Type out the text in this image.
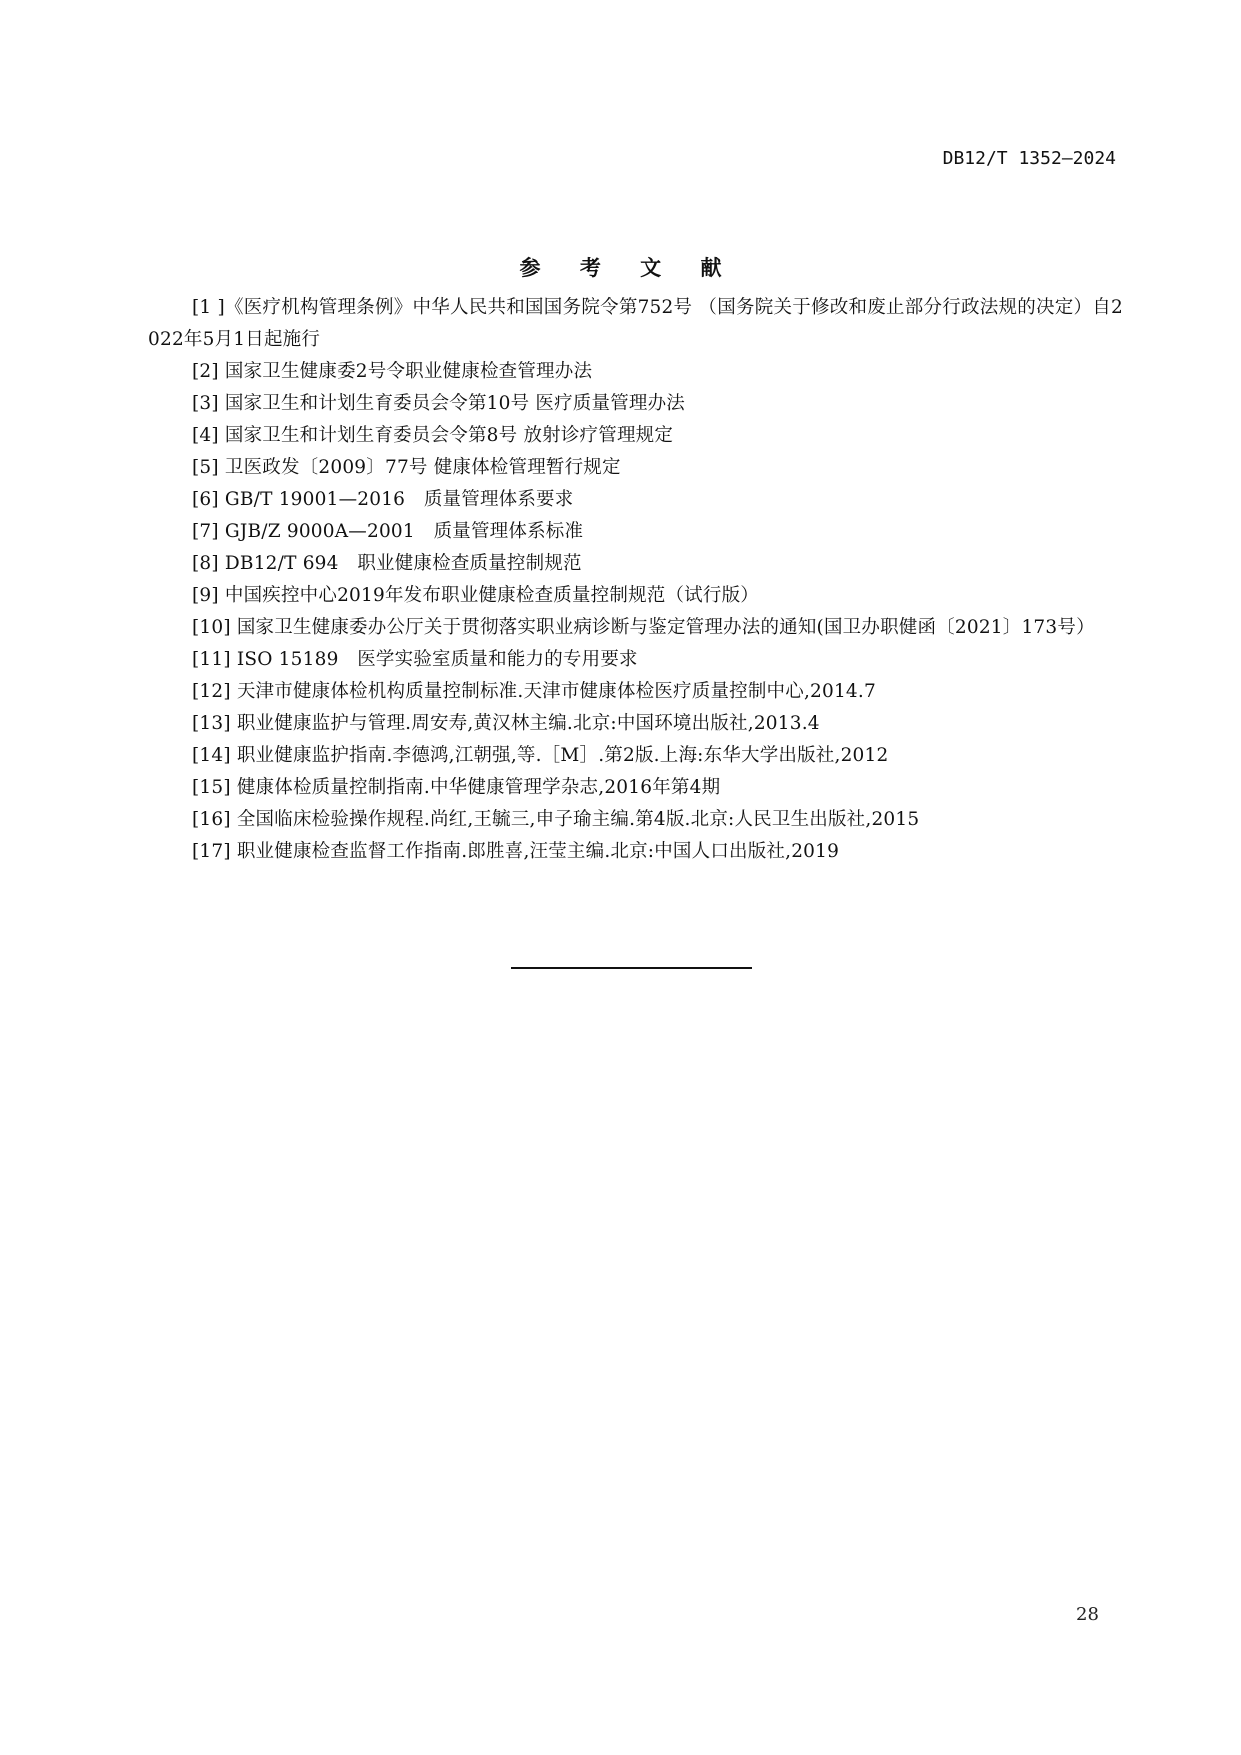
DB12/T 1352—2024
参 考 文 献
[1 ]《医疗机构管理条例》中华人民共和国国务院令第752号 （国务院关于修改和废止部分行政法规的决定）自2022年5月1日起施行
[2] 国家卫生健康委2号令职业健康检查管理办法
[3] 国家卫生和计划生育委员会令第10号 医疗质量管理办法
[4] 国家卫生和计划生育委员会令第8号 放射诊疗管理规定
[5] 卫医政发〔2009〕77号 健康体检管理暂行规定
[6] GB/T 19001—2016　质量管理体系要求
[7] GJB/Z 9000A—2001　质量管理体系标准
[8] DB12/T 694　职业健康检查质量控制规范
[9] 中国疾控中心2019年发布职业健康检查质量控制规范（试行版）
[10] 国家卫生健康委办公厅关于贯彻落实职业病诊断与鉴定管理办法的通知(国卫办职健函〔2021〕173号）
[11] ISO 15189　医学实验室质量和能力的专用要求
[12] 天津市健康体检机构质量控制标准.天津市健康体检医疗质量控制中心,2014.7
[13] 职业健康监护与管理.周安寿,黄汉林主编.北京:中国环境出版社,2013.4
[14] 职业健康监护指南.李德鸿,江朝强,等.［M］.第2版.上海:东华大学出版社,2012
[15] 健康体检质量控制指南.中华健康管理学杂志,2016年第4期
[16] 全国临床检验操作规程.尚红,王毓三,申子瑜主编.第4版.北京:人民卫生出版社,2015
[17] 职业健康检查监督工作指南.郎胜喜,汪莹主编.北京:中国人口出版社,2019
28
